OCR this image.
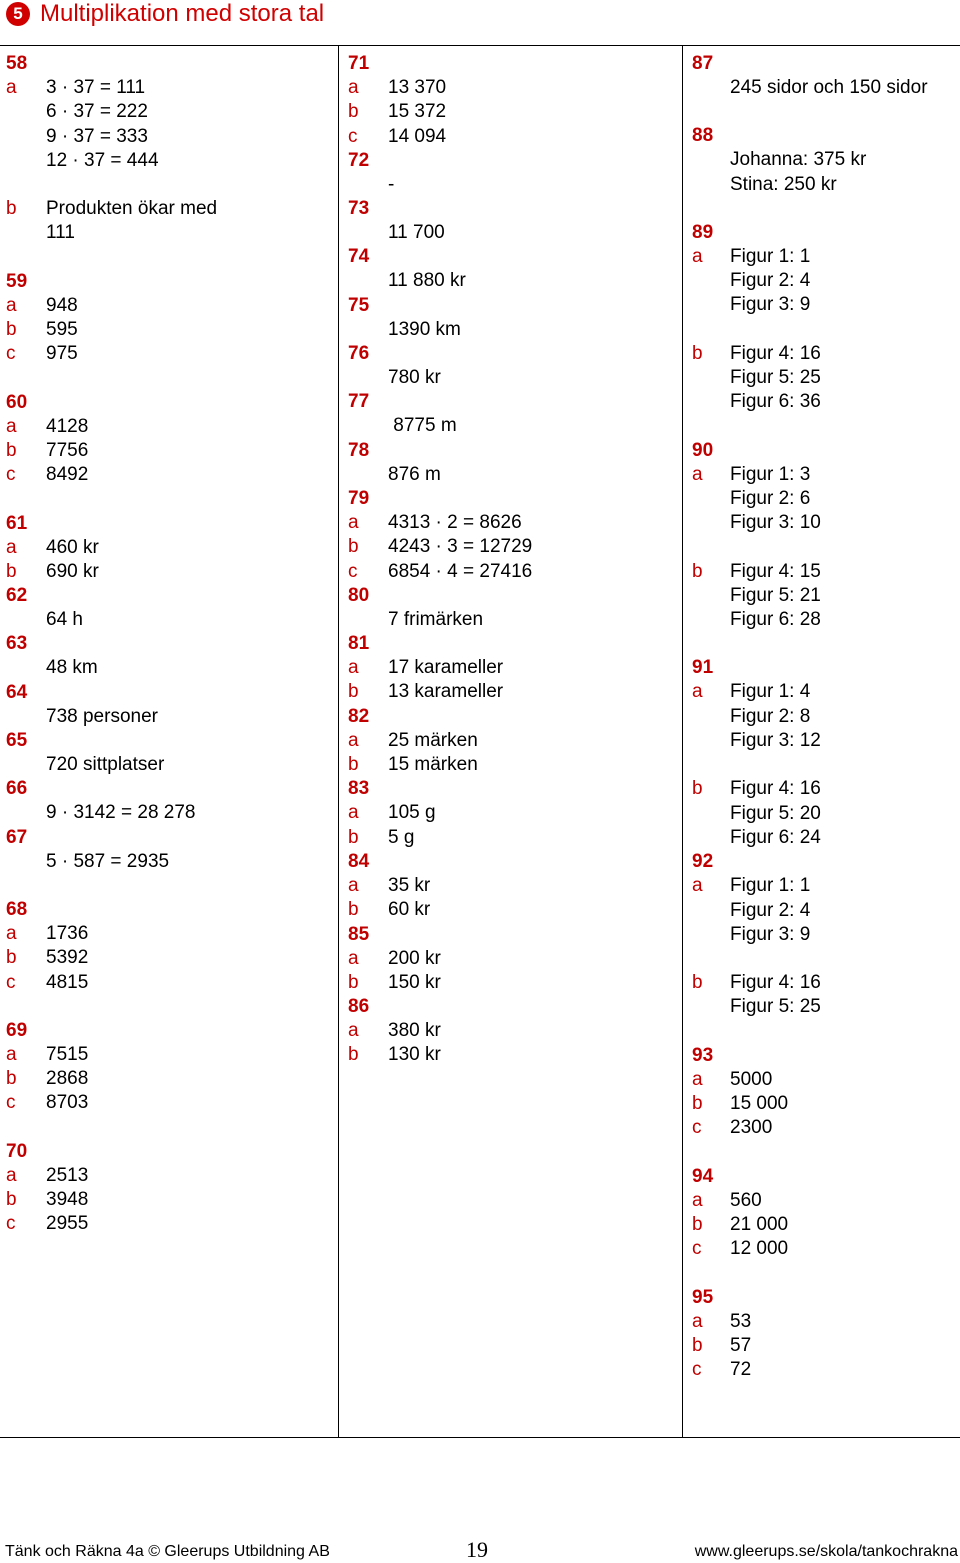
5 Multiplikation med stora tal
58
a	3 · 37 = 111
6 · 37 = 222
9 · 37 = 333
12 · 37 = 444
b	Produkten ökar med
111
59
a	948
b	595
c	975
60
a	4128
b	7756
c	8492
61
a	460 kr
b	690 kr
62
64 h
63
48 km
64
738 personer
65
720 sittplatser
66
9 · 3142 = 28 278
67
5 · 587 = 2935
68
a	1736
b	5392
c	4815
69
a	7515
b	2868
c	8703
70
a	2513
b	3948
c	2955
71
a	13 370
b	15 372
c	14 094
72
-
73
11 700
74
11 880 kr
75
1390 km
76
780 kr
77
8775 m
78
876 m
79
a	4313 · 2 = 8626
b	4243 · 3 = 12729
c	6854 · 4 = 27416
80
7 frimärken
81
a	17 karameller
b	13 karameller
82
a	25 märken
b	15 märken
83
a	105 g
b	5 g
84
a	35 kr
b	60 kr
85
a	200 kr
b	150 kr
86
a	380 kr
b	130 kr
87
245 sidor och 150 sidor
88
Johanna: 375 kr
Stina: 250 kr
89
a	Figur 1: 1
Figur 2: 4
Figur 3: 9
b	Figur 4: 16
Figur 5: 25
Figur 6: 36
90
a	Figur 1: 3
Figur 2: 6
Figur 3: 10
b	Figur 4: 15
Figur 5: 21
Figur 6: 28
91
a	Figur 1: 4
Figur 2: 8
Figur 3: 12
b	Figur 4: 16
Figur 5: 20
Figur 6: 24
92
a	Figur 1: 1
Figur 2: 4
Figur 3: 9
b	Figur 4: 16
Figur 5: 25
93
a	5000
b	15 000
c	2300
94
a	560
b	21 000
c	12 000
95
a	53
b	57
c	72
Tänk och Räkna 4a © Gleerups Utbildning AB	19	www.gleerups.se/skola/tankochrakna
